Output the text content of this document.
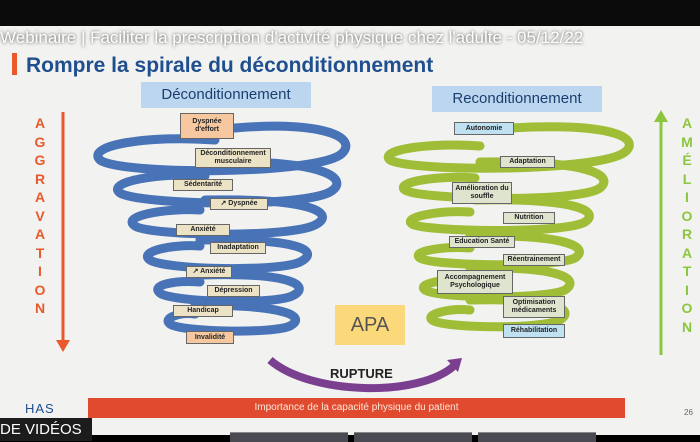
Webinaire | Faciliter la prescription d'activité physique chez l'adulte - 05/12/22
Rompre la spirale du déconditionnement
Déconditionnement	Reconditionnement
Dyspnée d'effort
Déconditionnement musculaire
Sédentarité
↗ Dyspnée
Anxiété
Inadaptation
↗ Anxiété
Dépression
Handicap
Invalidité
Autonomie
Adaptation
Amélioration du souffle
Nutrition
Education Santé
Réentrainement
Accompagnement Psychologique
Optimisation médicaments
Réhabilitation
A
G
G
R
A
V
A
T
I
O
N
A
M
É
L
I
O
R
A
T
I
O
N
APA
RUPTURE
Importance de la capacité physique du patient
HAS	26
DE VIDÉOS
